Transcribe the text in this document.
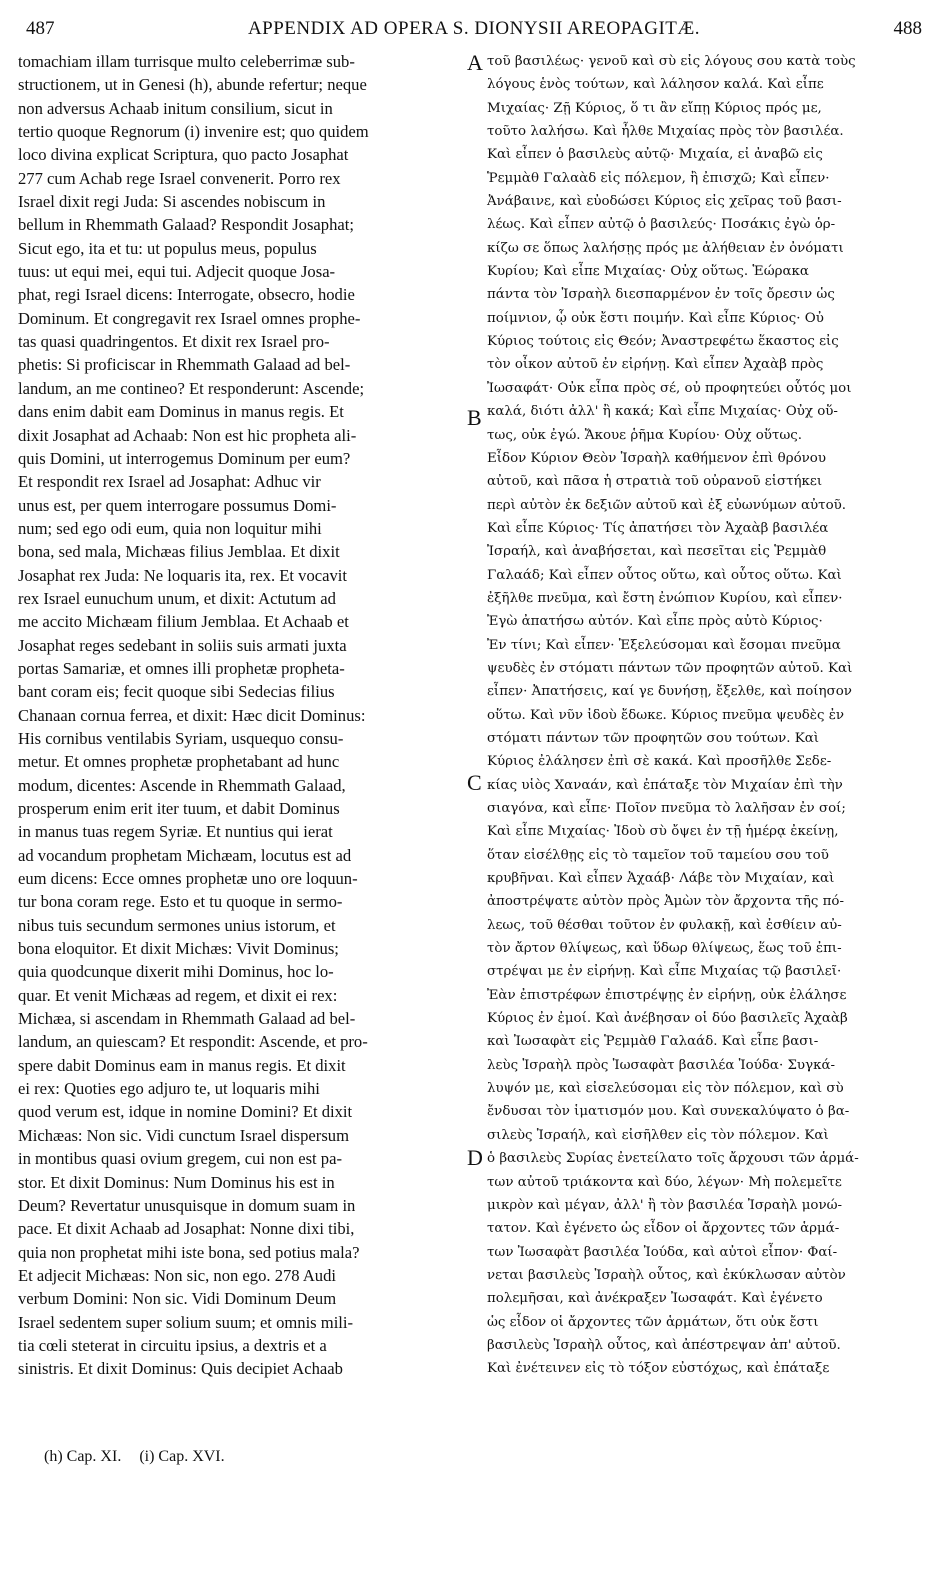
487	APPENDIX AD OPERA S. DIONYSII AREOPAGITÆ.	488
tomachiam illam turrisque multo celeberrimæ sub-
structionem, ut in Genesi (h), abunde refertur; neque
non adversus Achaab initum consilium, sicut in
tertio quoque Regnorum (i) invenire est; quo quidem
loco divina explicat Scriptura, quo pacto Josaphat
277 cum Achab rege Israel convenerit. Porro rex
Israel dixit regi Juda: Si ascendes nobiscum in
bellum in Rhemmath Galaad? Respondit Josaphat;
Sicut ego, ita et tu: ut populus meus, populus
tuus: ut equi mei, equi tui. Adjecit quoque Josa-
phat, regi Israel dicens: Interrogate, obsecro, hodie
Dominum. Et congregavit rex Israel omnes prophe-
tas quasi quadringentos. Et dixit rex Israel pro-
phetis: Si proficiscar in Rhemmath Galaad ad bel-
landum, an me contineo? Et responderunt: Ascende;
dans enim dabit eam Dominus in manus regis. Et
dixit Josaphat ad Achaab: Non est hic propheta ali-
quis Domini, ut interrogemus Dominum per eum?
Et respondit rex Israel ad Josaphat: Adhuc vir
unus est, per quem interrogare possumus Domi-
num; sed ego odi eum, quia non loquitur mihi
bona, sed mala, Michæas filius Jemblaa. Et dixit
Josaphat rex Juda: Ne loquaris ita, rex. Et vocavit
rex Israel eunuchum unum, et dixit: Actutum ad
me accito Michæam filium Jemblaa. Et Achaab et
Josaphat reges sedebant in soliis suis armati juxta
portas Samariæ, et omnes illi prophetæ propheta-
bant coram eis; fecit quoque sibi Sedecias filius
Chanaan cornua ferrea, et dixit: Hæc dicit Dominus:
His cornibus ventilabis Syriam, usquequo consu-
metur. Et omnes prophetæ prophetabant ad hunc
modum, dicentes: Ascende in Rhemmath Galaad,
prosperum enim erit iter tuum, et dabit Dominus
in manus tuas regem Syriæ. Et nuntius qui ierat
ad vocandum prophetam Michæam, locutus est ad
eum dicens: Ecce omnes prophetæ uno ore loquun-
tur bona coram rege. Esto et tu quoque in sermo-
nibus tuis secundum sermones unius istorum, et
bona eloquitor. Et dixit Michæs: Vivit Dominus;
quia quodcunque dixerit mihi Dominus, hoc lo-
quar. Et venit Michæas ad regem, et dixit ei rex:
Michæa, si ascendam in Rhemmath Galaad ad bel-
landum, an quiescam? Et respondit: Ascende, et pro-
spere dabit Dominus eam in manus regis. Et dixit
ei rex: Quoties ego adjuro te, ut loquaris mihi
quod verum est, idque in nomine Domini? Et dixit
Michæas: Non sic. Vidi cunctum Israel dispersum
in montibus quasi ovium gregem, cui non est pa-
stor. Et dixit Dominus: Num Dominus his est in
Deum? Revertatur unusquisque in domum suam in
pace. Et dixit Achaab ad Josaphat: Nonne dixi tibi,
quia non prophetat mihi iste bona, sed potius mala?
Et adjecit Michæas: Non sic, non ego. 278 Audi
verbum Domini: Non sic. Vidi Dominum Deum
Israel sedentem super solium suum; et omnis mili-
tia cœli steterat in circuitu ipsius, a dextris et a
sinistris. Et dixit Dominus: Quis decipiet Achaab
τοῦ βασιλέως· γενοῦ καὶ σὺ εἰς λόγους σου κατὰ τοὺς
λόγους ἑνὸς τούτων, καὶ λάλησον καλά. Καὶ εἶπε
Μιχαίας· Ζῇ Κύριος, ὅ τι ἂν εἴπῃ Κύριος πρός με,
τοῦτο λαλήσω. Καὶ ἦλθε Μιχαίας πρὸς τὸν βασιλέα.
Καὶ εἶπεν ὁ βασιλεὺς αὐτῷ· Μιχαία, εἰ ἀναβῶ εἰς
Ῥεμμὰθ Γαλαὰδ εἰς πόλεμον, ἢ ἐπισχῶ; Καὶ εἶπεν·
Ἀνάβαινε, καὶ εὐοδώσει Κύριος εἰς χεῖρας τοῦ βασι-
λέως. Καὶ εἶπεν αὐτῷ ὁ βασιλεύς· Ποσάκις ἐγὼ ὁρ-
κίζω σε ὅπως λαλήσῃς πρός με ἀλήθειαν ἐν ὀνόματι
Κυρίου; Καὶ εἶπε Μιχαίας· Οὐχ οὕτως. Ἑώρακα
πάντα τὸν Ἰσραὴλ διεσπαρμένον ἐν τοῖς ὄρεσιν ὡς
ποίμνιον, ᾧ οὐκ ἔστι ποιμήν. Καὶ εἶπε Κύριος· Οὐ
Κύριος τούτοις εἰς Θεόν; Ἀναστρεφέτω ἕκαστος εἰς
τὸν οἶκον αὐτοῦ ἐν εἰρήνῃ. Καὶ εἶπεν Ἀχαὰβ πρὸς
Ἰωσαφάτ· Οὐκ εἶπα πρὸς σέ, οὐ προφητεύει οὗτός μοι
καλά, διότι ἀλλ' ἢ κακά; Καὶ εἶπε Μιχαίας· Οὐχ οὕ-
τως, οὐκ ἐγώ. Ἄκουε ῥῆμα Κυρίου· Οὐχ οὕτως.
Εἶδον Κύριον Θεὸν Ἰσραὴλ καθήμενον ἐπὶ θρόνου
αὐτοῦ, καὶ πᾶσα ἡ στρατιὰ τοῦ οὐρανοῦ εἱστήκει
περὶ αὐτὸν ἐκ δεξιῶν αὐτοῦ καὶ ἐξ εὐωνύμων αὐτοῦ.
Καὶ εἶπε Κύριος· Τίς ἀπατήσει τὸν Ἀχαὰβ βασιλέα
Ἰσραήλ, καὶ ἀναβήσεται, καὶ πεσεῖται εἰς Ῥεμμὰθ
Γαλαάδ; Καὶ εἶπεν οὗτος οὕτω, καὶ οὗτος οὕτω. Καὶ
ἐξῆλθε πνεῦμα, καὶ ἔστη ἐνώπιον Κυρίου, καὶ εἶπεν·
Ἐγὼ ἀπατήσω αὐτόν. Καὶ εἶπε πρὸς αὐτὸ Κύριος·
Ἐν τίνι; Καὶ εἶπεν· Ἐξελεύσομαι καὶ ἔσομαι πνεῦμα
ψευδὲς ἐν στόματι πάντων τῶν προφητῶν αὐτοῦ. Καὶ
εἶπεν· Ἀπατήσεις, καί γε δυνήσῃ, ἔξελθε, καὶ ποίησον
οὕτω. Καὶ νῦν ἰδοὺ ἔδωκε. Κύριος πνεῦμα ψευδὲς ἐν
στόματι πάντων τῶν προφητῶν σου τούτων. Καὶ
Κύριος ἐλάλησεν ἐπὶ σὲ κακά. Καὶ προσῆλθε Σεδε-
κίας υἱὸς Χαναάν, καὶ ἐπάταξε τὸν Μιχαίαν ἐπὶ τὴν
σιαγόνα, καὶ εἶπε· Ποῖον πνεῦμα τὸ λαλῆσαν ἐν σοί;
Καὶ εἶπε Μιχαίας· Ἰδοὺ σὺ ὄψει ἐν τῇ ἡμέρᾳ ἐκείνῃ,
ὅταν εἰσέλθῃς εἰς τὸ ταμεῖον τοῦ ταμείου σου τοῦ
κρυβῆναι. Καὶ εἶπεν Ἀχαάβ· Λάβε τὸν Μιχαίαν, καὶ
ἀποστρέψατε αὐτὸν πρὸς Ἀμὼν τὸν ἄρχοντα τῆς πό-
λεως, τοῦ θέσθαι τοῦτον ἐν φυλακῇ, καὶ ἐσθίειν αὐ-
τὸν ἄρτον θλίψεως, καὶ ὕδωρ θλίψεως, ἕως τοῦ ἐπι-
στρέψαι με ἐν εἰρήνῃ. Καὶ εἶπε Μιχαίας τῷ βασιλεῖ·
Ἐὰν ἐπιστρέφων ἐπιστρέψῃς ἐν εἰρήνῃ, οὐκ ἐλάλησε
Κύριος ἐν ἐμοί. Καὶ ἀνέβησαν οἱ δύο βασιλεῖς Ἀχαὰβ
καὶ Ἰωσαφὰτ εἰς Ῥεμμὰθ Γαλαάδ. Καὶ εἶπε βασι-
λεὺς Ἰσραὴλ πρὸς Ἰωσαφὰτ βασιλέα Ἰούδα· Συγκά-
λυψόν με, καὶ εἰσελεύσομαι εἰς τὸν πόλεμον, καὶ σὺ
ἔνδυσαι τὸν ἱματισμόν μου. Καὶ συνεκαλύψατο ὁ βα-
σιλεὺς Ἰσραήλ, καὶ εἰσῆλθεν εἰς τὸν πόλεμον. Καὶ
ὁ βασιλεὺς Συρίας ἐνετείλατο τοῖς ἄρχουσι τῶν ἁρμά-
των αὐτοῦ τριάκοντα καὶ δύο, λέγων· Μὴ πολεμεῖτε
μικρὸν καὶ μέγαν, ἀλλ' ἢ τὸν βασιλέα Ἰσραὴλ μονώ-
τατον. Καὶ ἐγένετο ὡς εἶδον οἱ ἄρχοντες τῶν ἁρμά-
των Ἰωσαφὰτ βασιλέα Ἰούδα, καὶ αὐτοὶ εἶπον· Φαί-
νεται βασιλεὺς Ἰσραὴλ οὗτος, καὶ ἐκύκλωσαν αὐτὸν
πολεμῆσαι, καὶ ἀνέκραξεν Ἰωσαφάτ. Καὶ ἐγένετο
ὡς εἶδον οἱ ἄρχοντες τῶν ἁρμάτων, ὅτι οὐκ ἔστι
βασιλεὺς Ἰσραὴλ οὗτος, καὶ ἀπέστρεψαν ἀπ' αὐτοῦ.
Καὶ ἐνέτεινεν εἰς τὸ τόξον εὐστόχως, καὶ ἐπάταξε
A
B
C
D
(h) Cap. XI. (i) Cap. XVI.
